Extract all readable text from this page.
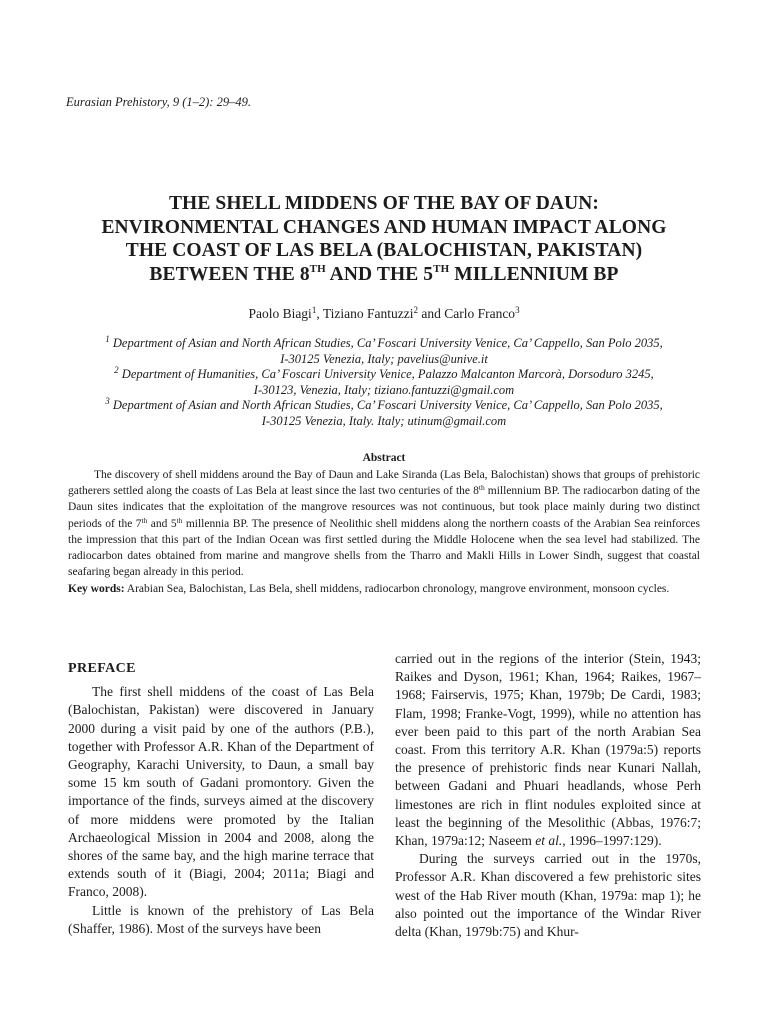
Eurasian Prehistory, 9 (1–2): 29–49.
THE SHELL MIDDENS OF THE BAY OF DAUN:
ENVIRONMENTAL CHANGES AND HUMAN IMPACT ALONG
THE COAST OF LAS BELA (BALOCHISTAN, PAKISTAN)
BETWEEN THE 8TH AND THE 5TH MILLENNIUM BP
Paolo Biagi$^1$, Tiziano Fantuzzi$^2$ and Carlo Franco$^3$
$^1$ Department of Asian and North African Studies, Ca’ Foscari University Venice, Ca’ Cappello, San Polo 2035,
I-30125 Venezia, Italy; pavelius@unive.it
$^2$ Department of Humanities, Ca’ Foscari University Venice, Palazzo Malcanton Marcorà, Dorsoduro 3245,
I-30123, Venezia, Italy; tiziano.fantuzzi@gmail.com
$^3$ Department of Asian and North African Studies, Ca’ Foscari University Venice, Ca’ Cappello, San Polo 2035,
I-30125 Venezia, Italy. Italy; utinum@gmail.com
Abstract

The discovery of shell middens around the Bay of Daun and Lake Siranda (Las Bela, Balochistan) shows that groups of prehistoric gatherers settled along the coasts of Las Bela at least since the last two centuries of the 8th millennium BP. The radiocarbon dating of the Daun sites indicates that the exploitation of the mangrove resources was not continuous, but took place mainly during two distinct periods of the 7th and 5th millennia BP. The presence of Neolithic shell middens along the northern coasts of the Arabian Sea reinforces the impression that this part of the Indian Ocean was first settled during the Middle Holocene when the sea level had stabilized. The radiocarbon dates obtained from marine and mangrove shells from the Tharro and Makli Hills in Lower Sindh, suggest that coastal seafaring began already in this period.

Key words: Arabian Sea, Balochistan, Las Bela, shell middens, radiocarbon chronology, mangrove environment, monsoon cycles.

PREFACE

The first shell middens of the coast of Las Bela (Balochistan, Pakistan) were discovered in January 2000 during a visit paid by one of the authors (P.B.), together with Professor A.R. Khan of the Department of Geography, Karachi University, to Daun, a small bay some 15 km south of Gadani promontory. Given the importance of the finds, surveys aimed at the discovery of more middens were promoted by the Italian Archaeological Mission in 2004 and 2008, along the shores of the same bay, and the high marine terrace that extends south of it (Biagi, 2004; 2011a; Biagi and Franco, 2008).

Little is known of the prehistory of Las Bela (Shaffer, 1986). Most of the surveys have been

carried out in the regions of the interior (Stein, 1943; Raikes and Dyson, 1961; Khan, 1964; Raikes, 1967–1968; Fairservis, 1975; Khan, 1979b; De Cardi, 1983; Flam, 1998; Franke-Vogt, 1999), while no attention has ever been paid to this part of the north Arabian Sea coast. From this territory A.R. Khan (1979a:5) reports the presence of prehistoric finds near Kunari Nallah, between Gadani and Phuari headlands, whose Perh limestones are rich in flint nodules exploited since at least the beginning of the Mesolithic (Abbas, 1976:7; Khan, 1979a:12; Naseem et al., 1996–1997:129).

During the surveys carried out in the 1970s, Professor A.R. Khan discovered a few prehistoric sites west of the Hab River mouth (Khan, 1979a: map 1); he also pointed out the importance of the Windar River delta (Khan, 1979b:75) and Khur-
